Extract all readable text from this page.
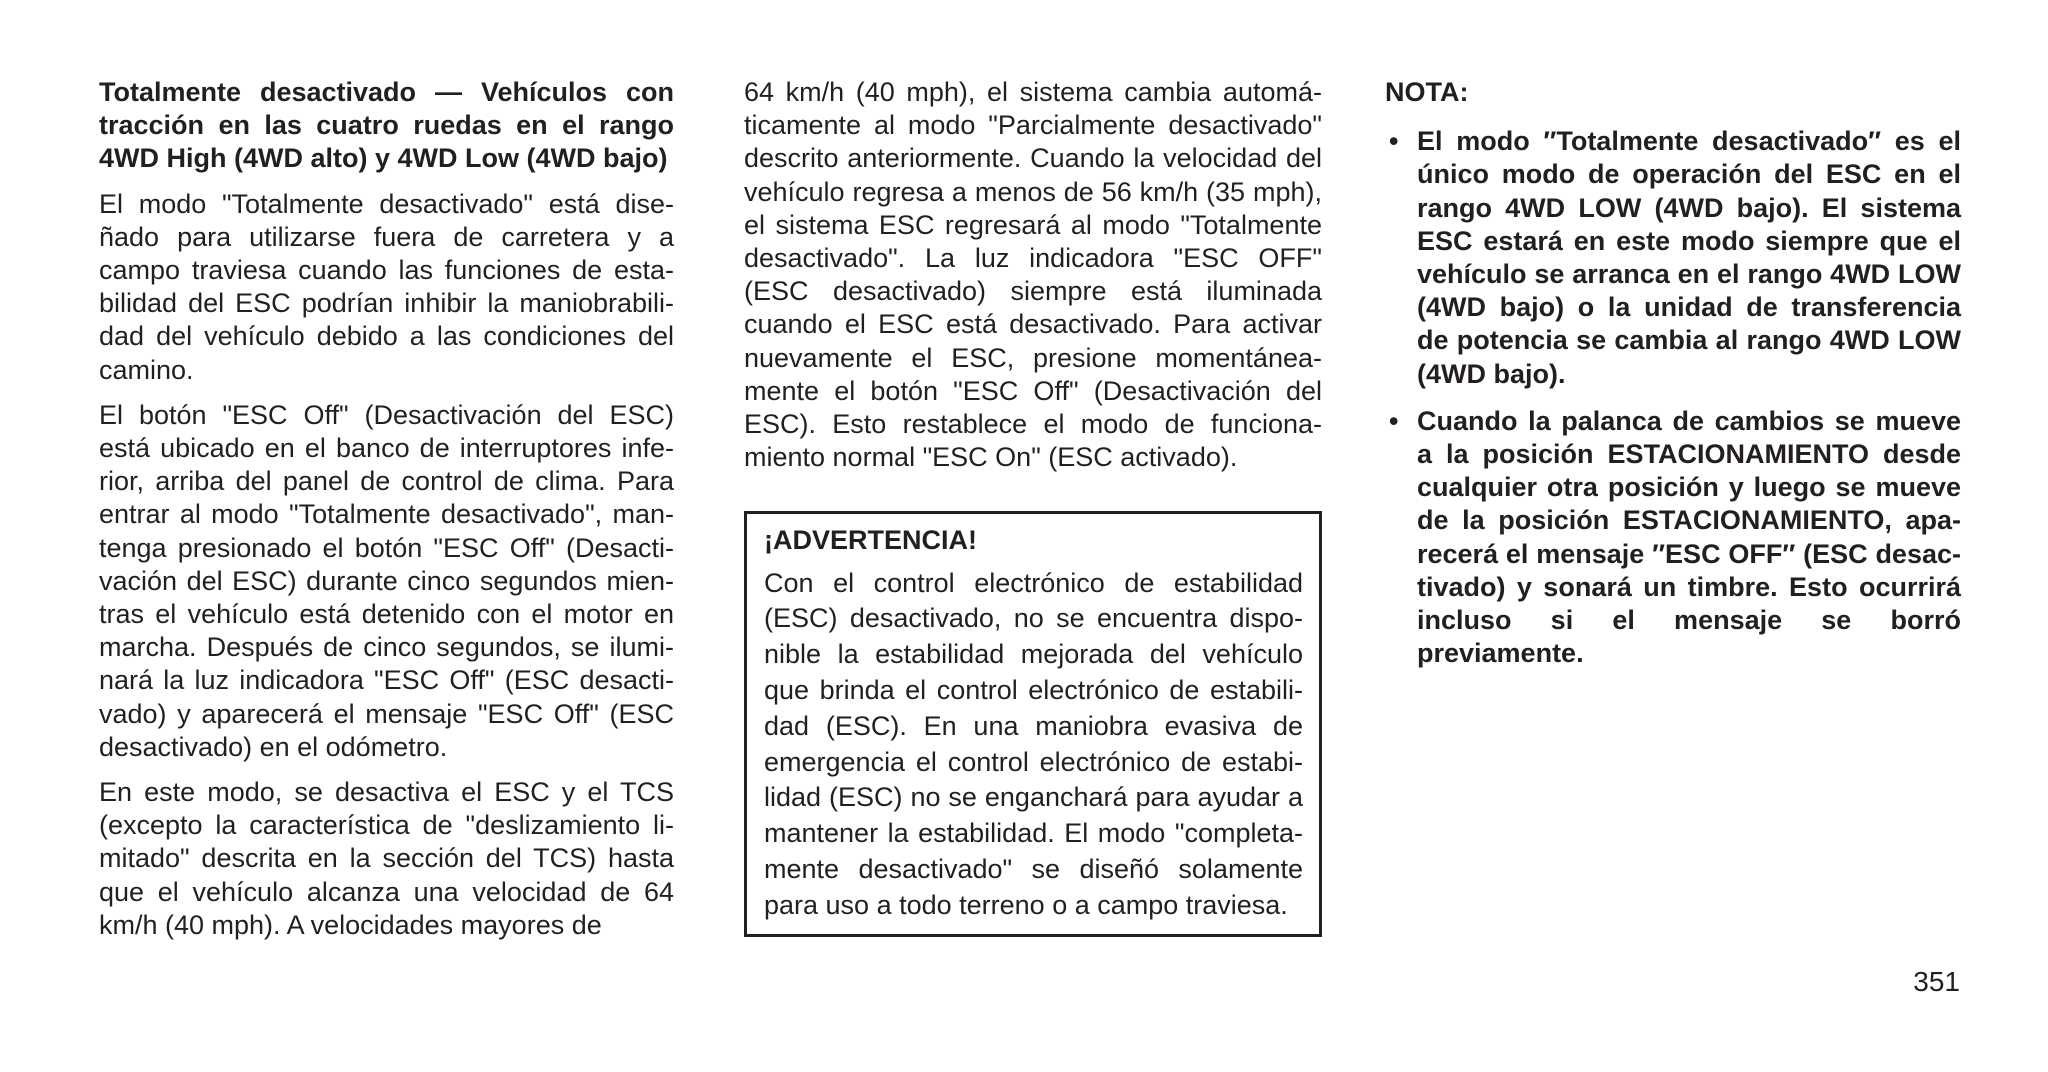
Totalmente desactivado — Vehículos con tracción en las cuatro ruedas en el rango 4WD High (4WD alto) y 4WD Low (4WD bajo)

El modo "Totalmente desactivado" está diseñado para utilizarse fuera de carretera y a campo traviesa cuando las funciones de estabilidad del ESC podrían inhibir la maniobrabilidad del vehículo debido a las condiciones del camino.

El botón "ESC Off" (Desactivación del ESC) está ubicado en el banco de interruptores inferior, arriba del panel de control de clima. Para entrar al modo "Totalmente desactivado", mantenga presionado el botón "ESC Off" (Desactivación del ESC) durante cinco segundos mientras el vehículo está detenido con el motor en marcha. Después de cinco segundos, se iluminará la luz indicadora "ESC Off" (ESC desactivado) y aparecerá el mensaje "ESC Off" (ESC desactivado) en el odómetro.

En este modo, se desactiva el ESC y el TCS (excepto la característica de "deslizamiento limitado" descrita en la sección del TCS) hasta que el vehículo alcanza una velocidad de 64 km/h (40 mph). A velocidades mayores de

64 km/h (40 mph), el sistema cambia automáticamente al modo "Parcialmente desactivado" descrito anteriormente. Cuando la velocidad del vehículo regresa a menos de 56 km/h (35 mph), el sistema ESC regresará al modo "Totalmente desactivado". La luz indicadora "ESC OFF" (ESC desactivado) siempre está iluminada cuando el ESC está desactivado. Para activar nuevamente el ESC, presione momentáneamente el botón "ESC Off" (Desactivación del ESC). Esto restablece el modo de funcionamiento normal "ESC On" (ESC activado).

¡ADVERTENCIA!

Con el control electrónico de estabilidad (ESC) desactivado, no se encuentra disponible la estabilidad mejorada del vehículo que brinda el control electrónico de estabilidad (ESC). En una maniobra evasiva de emergencia el control electrónico de estabilidad (ESC) no se enganchará para ayudar a mantener la estabilidad. El modo "completamente desactivado" se diseñó solamente para uso a todo terreno o a campo traviesa.

NOTA:
• El modo ″Totalmente desactivado″ es el único modo de operación del ESC en el rango 4WD LOW (4WD bajo). El sistema ESC estará en este modo siempre que el vehículo se arranca en el rango 4WD LOW (4WD bajo) o la unidad de transferencia de potencia se cambia al rango 4WD LOW (4WD bajo).
• Cuando la palanca de cambios se mueve a la posición ESTACIONAMIENTO desde cualquier otra posición y luego se mueve de la posición ESTACIONAMIENTO, aparecerá el mensaje ″ESC OFF″ (ESC desactivado) y sonará un timbre. Esto ocurrirá incluso si el mensaje se borró previamente.
351
